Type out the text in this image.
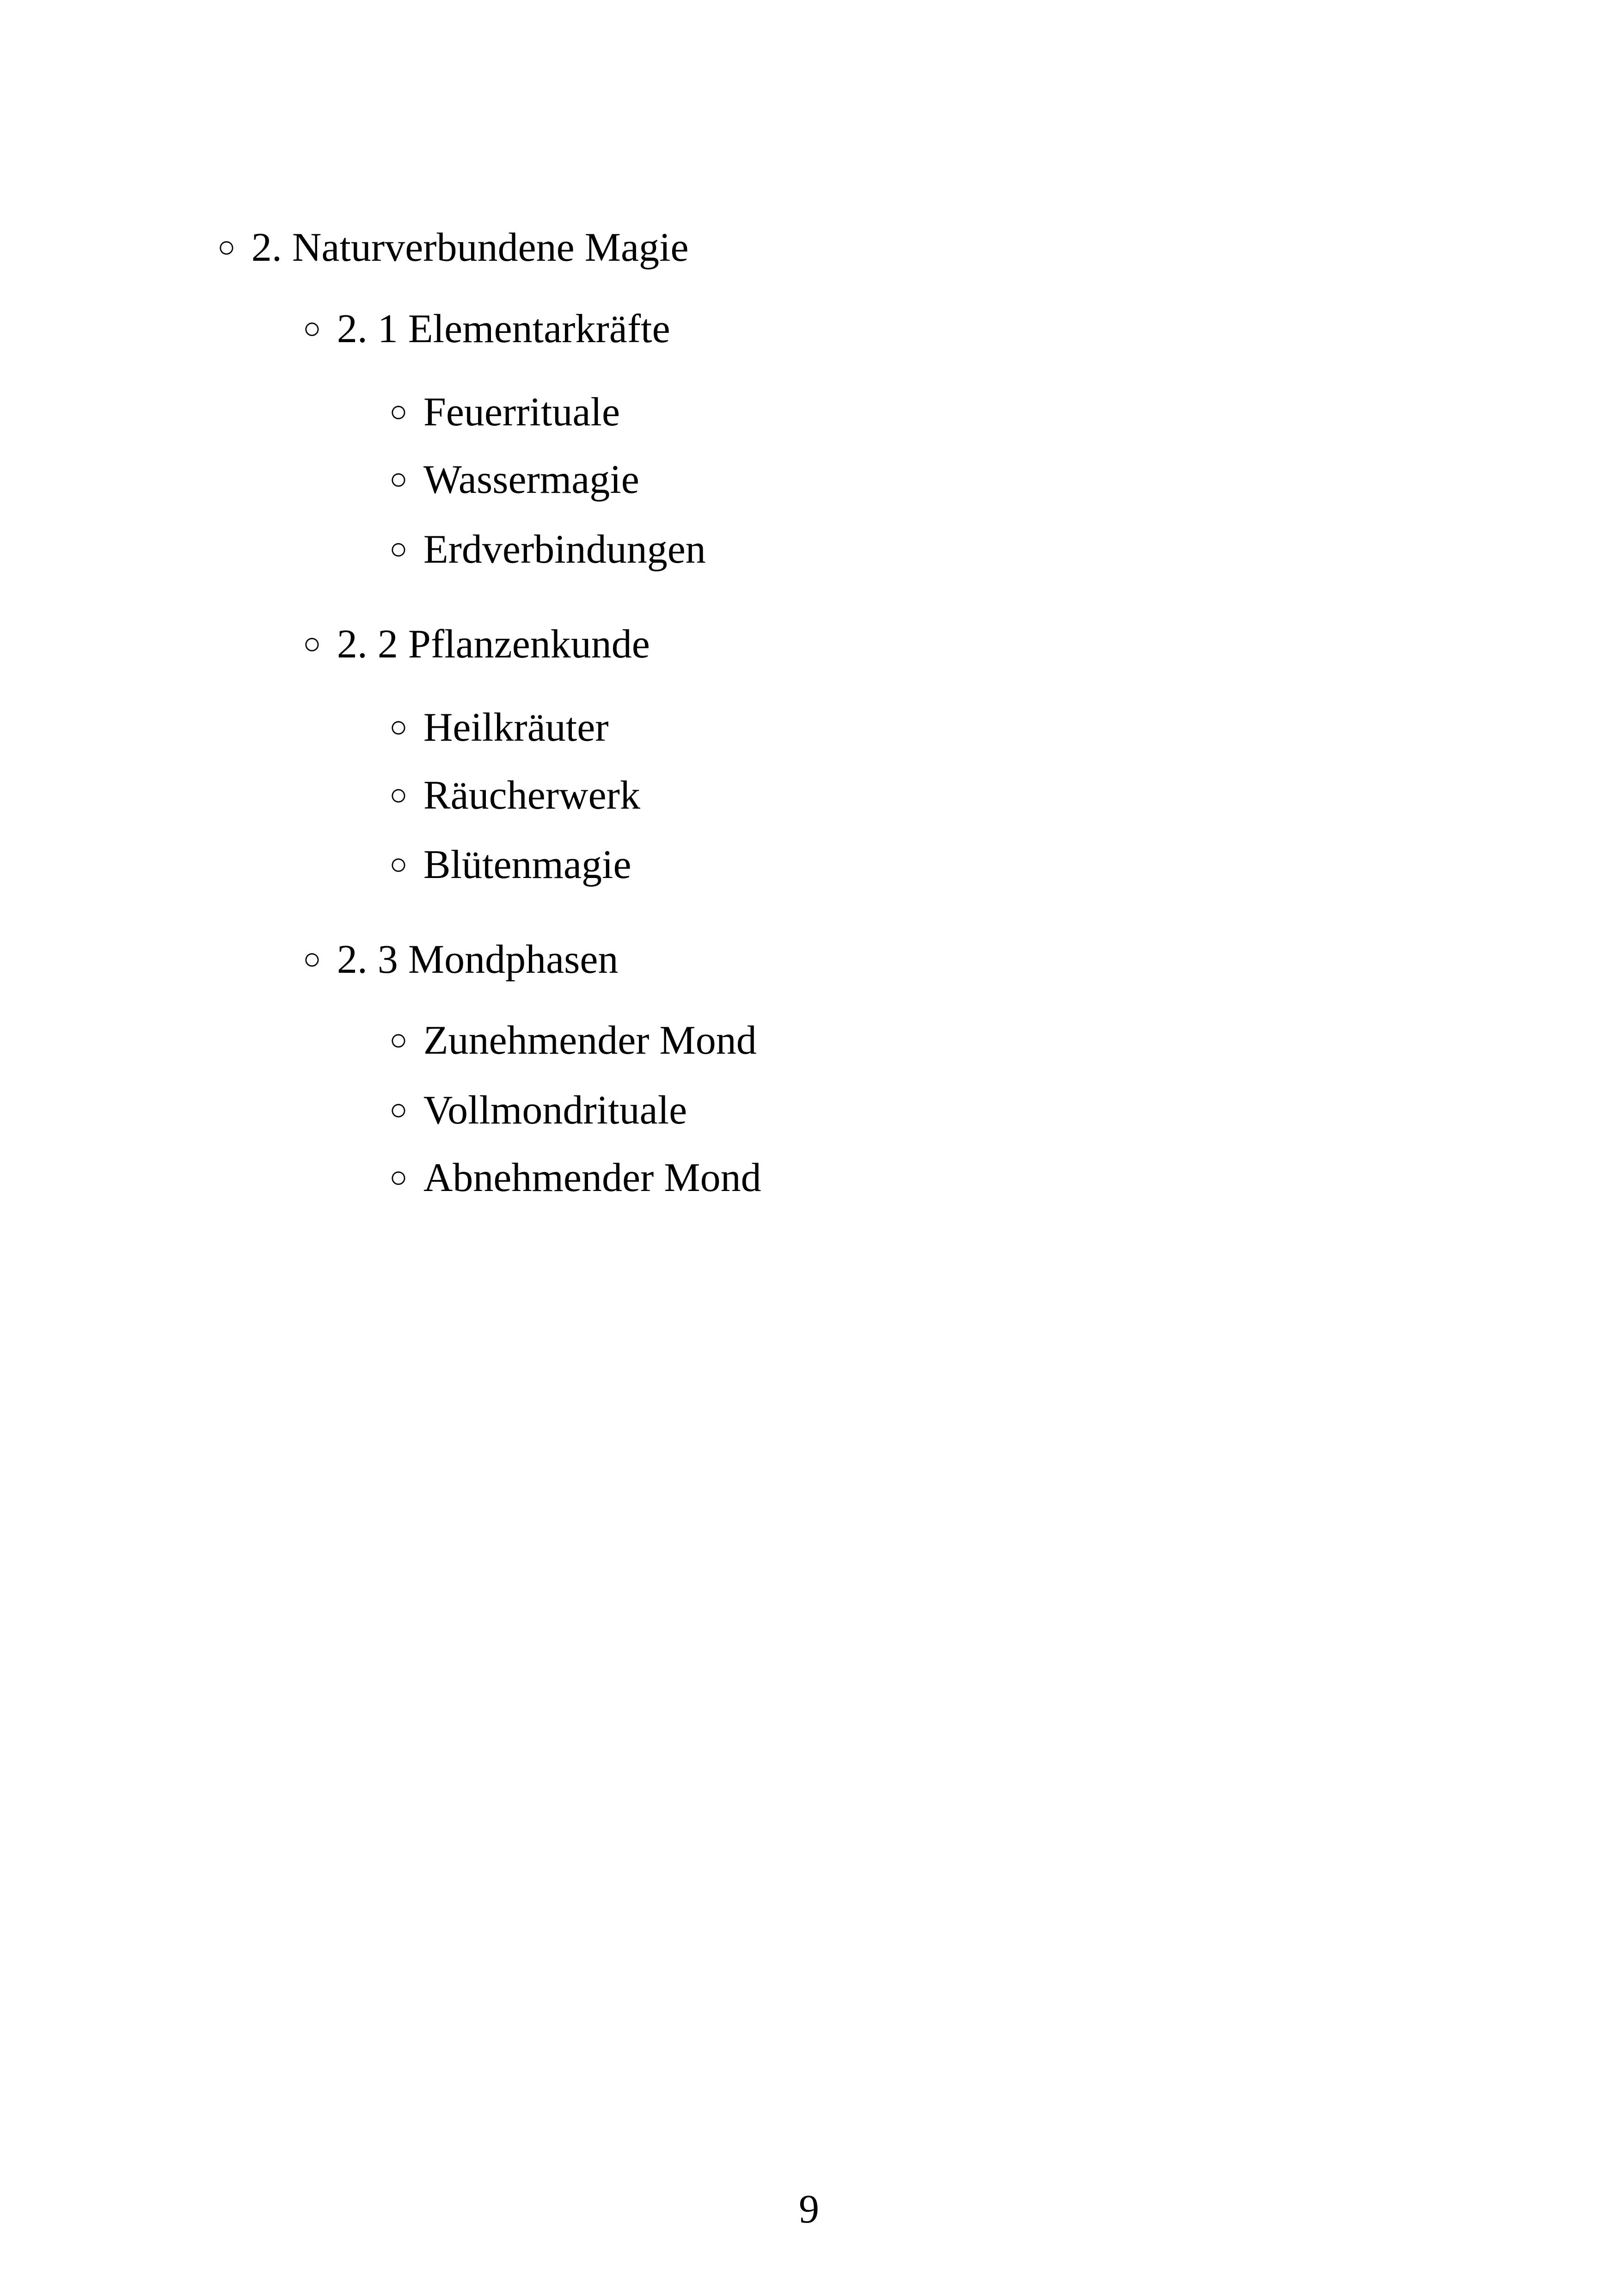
○ 2. Naturverbundene Magie
○ 2. 1 Elementarkräfte
○ Feuerrituale
○ Wassermagie
○ Erdverbindungen
○ 2. 2 Pflanzenkunde
○ Heilkräuter
○ Räucherwerk
○ Blütenmagie
○ 2. 3 Mondphasen
○ Zunehmender Mond
○ Vollmondrituale
○ Abnehmender Mond
9
